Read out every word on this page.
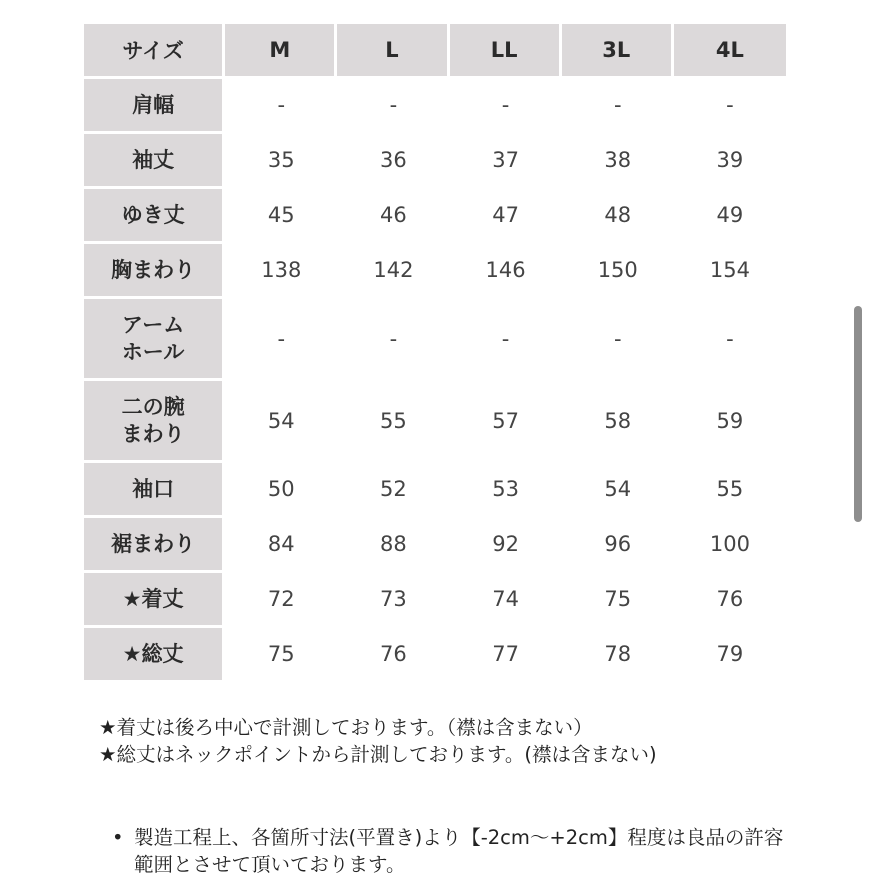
サイズ	M	L	LL	3L	4L

肩幅	-	-	-	-	-

袖丈	35	36	37	38	39

ゆき丈	45	46	47	48	49

胸まわり	138	142	146	150	154

アーム
ホール	-	-	-	-	-

二の腕
まわり	54	55	57	58	59

袖口	50	52	53	54	55

裾まわり	84	88	92	96	100

★着丈	72	73	74	75	76

★総丈	75	76	77	78	79

★着丈は後ろ中心で計測しております。（襟は含まない）

★総丈はネックポイントから計測しております。(襟は含まない)

• 製造工程上、各箇所寸法(平置き)より【-2cm〜+2cm】程度は良品の許容範囲とさせて頂いております。
